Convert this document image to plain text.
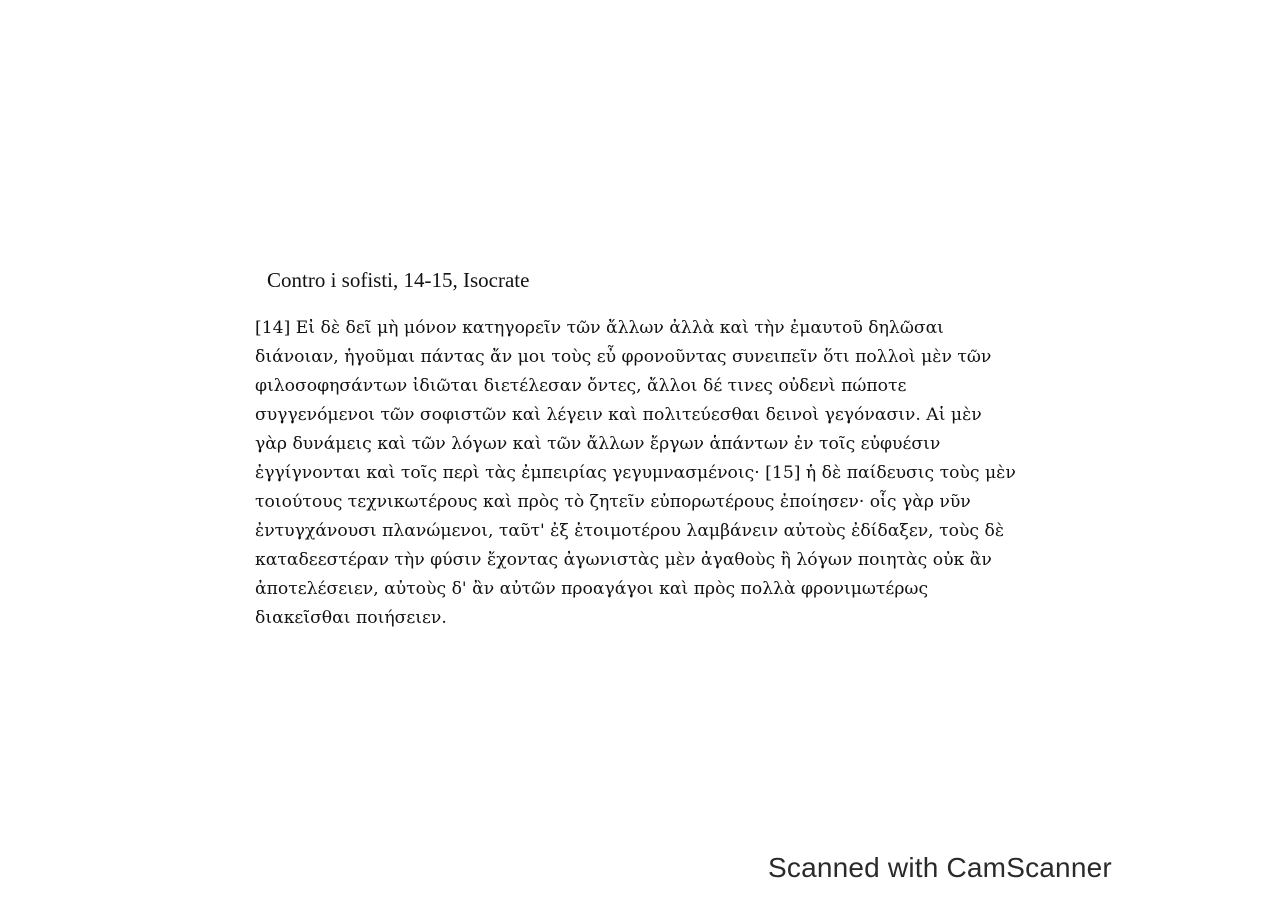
Contro i sofisti, 14-15, Isocrate

[14] Εἰ δὲ δεῖ μὴ μόνον κατηγορεῖν τῶν ἄλλων ἀλλὰ καὶ τὴν ἐμαυτοῦ δηλῶσαι
διάνοιαν, ἡγοῦμαι πάντας ἄν μοι τοὺς εὖ φρονοῦντας συνειπεῖν ὅτι πολλοὶ μὲν τῶν
φιλοσοφησάντων ἰδιῶται διετέλεσαν ὄντες, ἄλλοι δέ τινες οὐδενὶ πώποτε
συγγενόμενοι τῶν σοφιστῶν καὶ λέγειν καὶ πολιτεύεσθαι δεινοὶ γεγόνασιν. Αἱ μὲν
γὰρ δυνάμεις καὶ τῶν λόγων καὶ τῶν ἄλλων ἔργων ἁπάντων ἐν τοῖς εὐφυέσιν
ἐγγίγνονται καὶ τοῖς περὶ τὰς ἐμπειρίας γεγυμνασμένοις· [15] ἡ δὲ παίδευσις τοὺς μὲν
τοιούτους τεχνικωτέρους καὶ πρὸς τὸ ζητεῖν εὐπορωτέρους ἐποίησεν· οἷς γὰρ νῦν
ἐντυγχάνουσι πλανώμενοι, ταῦτ' ἐξ ἑτοιμοτέρου λαμβάνειν αὐτοὺς ἐδίδαξεν, τοὺς δὲ
καταδεεστέραν τὴν φύσιν ἔχοντας ἀγωνιστὰς μὲν ἀγαθοὺς ἢ λόγων ποιητὰς οὐκ ἂν
ἀποτελέσειεν, αὐτοὺς δ' ἂν αὐτῶν προαγάγοι καὶ πρὸς πολλὰ φρονιμωτέρως
διακεῖσθαι ποιήσειεν.

Scanned with CamScanner
